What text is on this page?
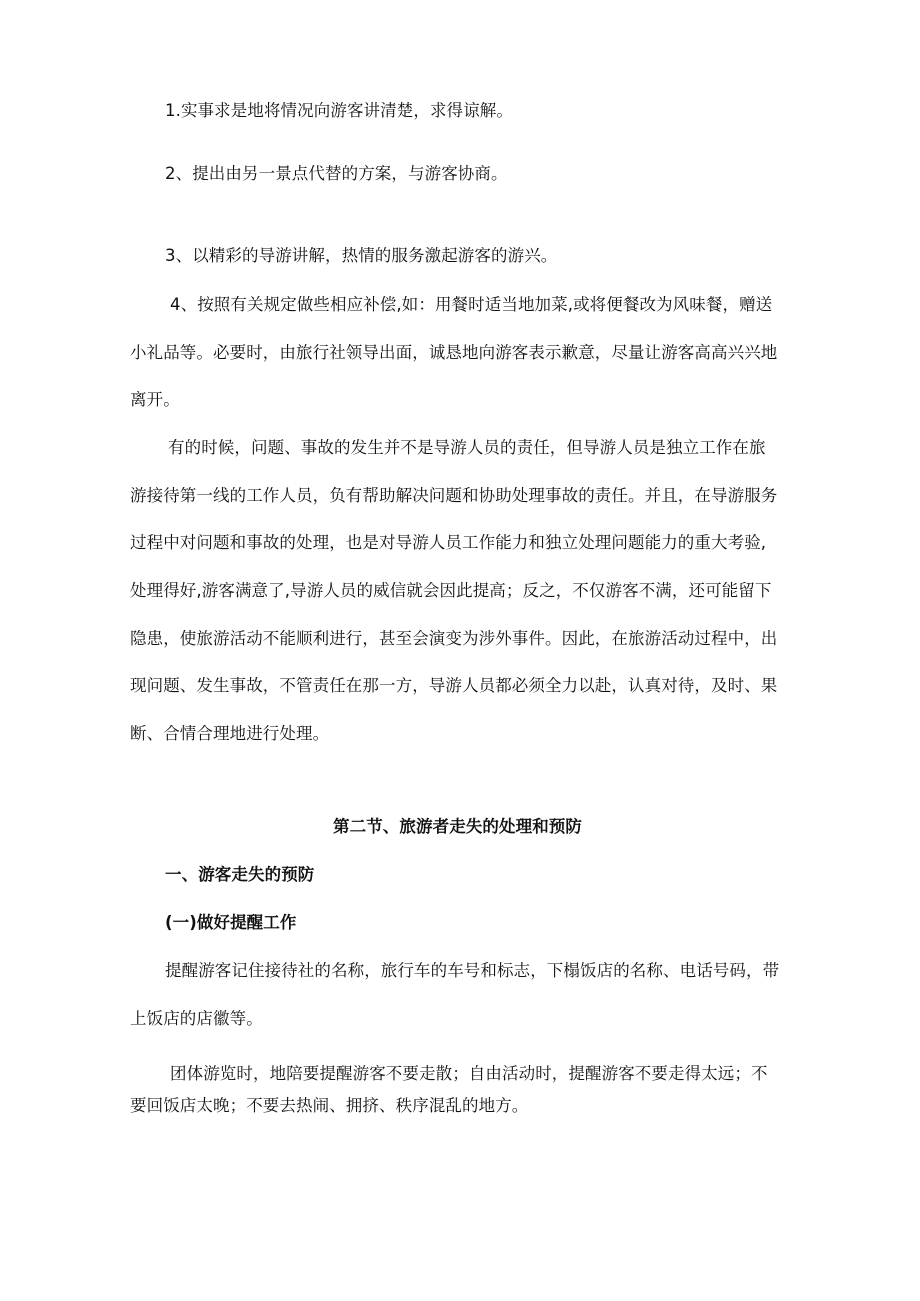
1.实事求是地将情况向游客讲清楚，求得谅解。
2、提出由另一景点代替的方案，与游客协商。
3、以精彩的导游讲解，热情的服务激起游客的游兴。
4、按照有关规定做些相应补偿,如：用餐时适当地加菜,或将便餐改为风味餐，赠送
小礼品等。必要时，由旅行社领导出面，诚恳地向游客表示歉意，尽量让游客高高兴兴地
离开。
有的时候，问题、事故的发生并不是导游人员的责任，但导游人员是独立工作在旅
游接待第一线的工作人员，负有帮助解决问题和协助处理事故的责任。并且，在导游服务
过程中对问题和事故的处理，也是对导游人员工作能力和独立处理问题能力的重大考验,
处理得好,游客满意了,导游人员的威信就会因此提高；反之，不仅游客不满，还可能留下
隐患，使旅游活动不能顺利进行，甚至会演变为涉外事件。因此，在旅游活动过程中，出
现问题、发生事故，不管责任在那一方，导游人员都必须全力以赴，认真对待，及时、果
断、合情合理地进行处理。
第二节、旅游者走失的处理和预防
一、游客走失的预防
(一)做好提醒工作
提醒游客记住接待社的名称，旅行车的车号和标志，下榻饭店的名称、电话号码，带
上饭店的店徽等。
团体游览时，地陪要提醒游客不要走散；自由活动时，提醒游客不要走得太远；不
要回饭店太晚；不要去热闹、拥挤、秩序混乱的地方。
